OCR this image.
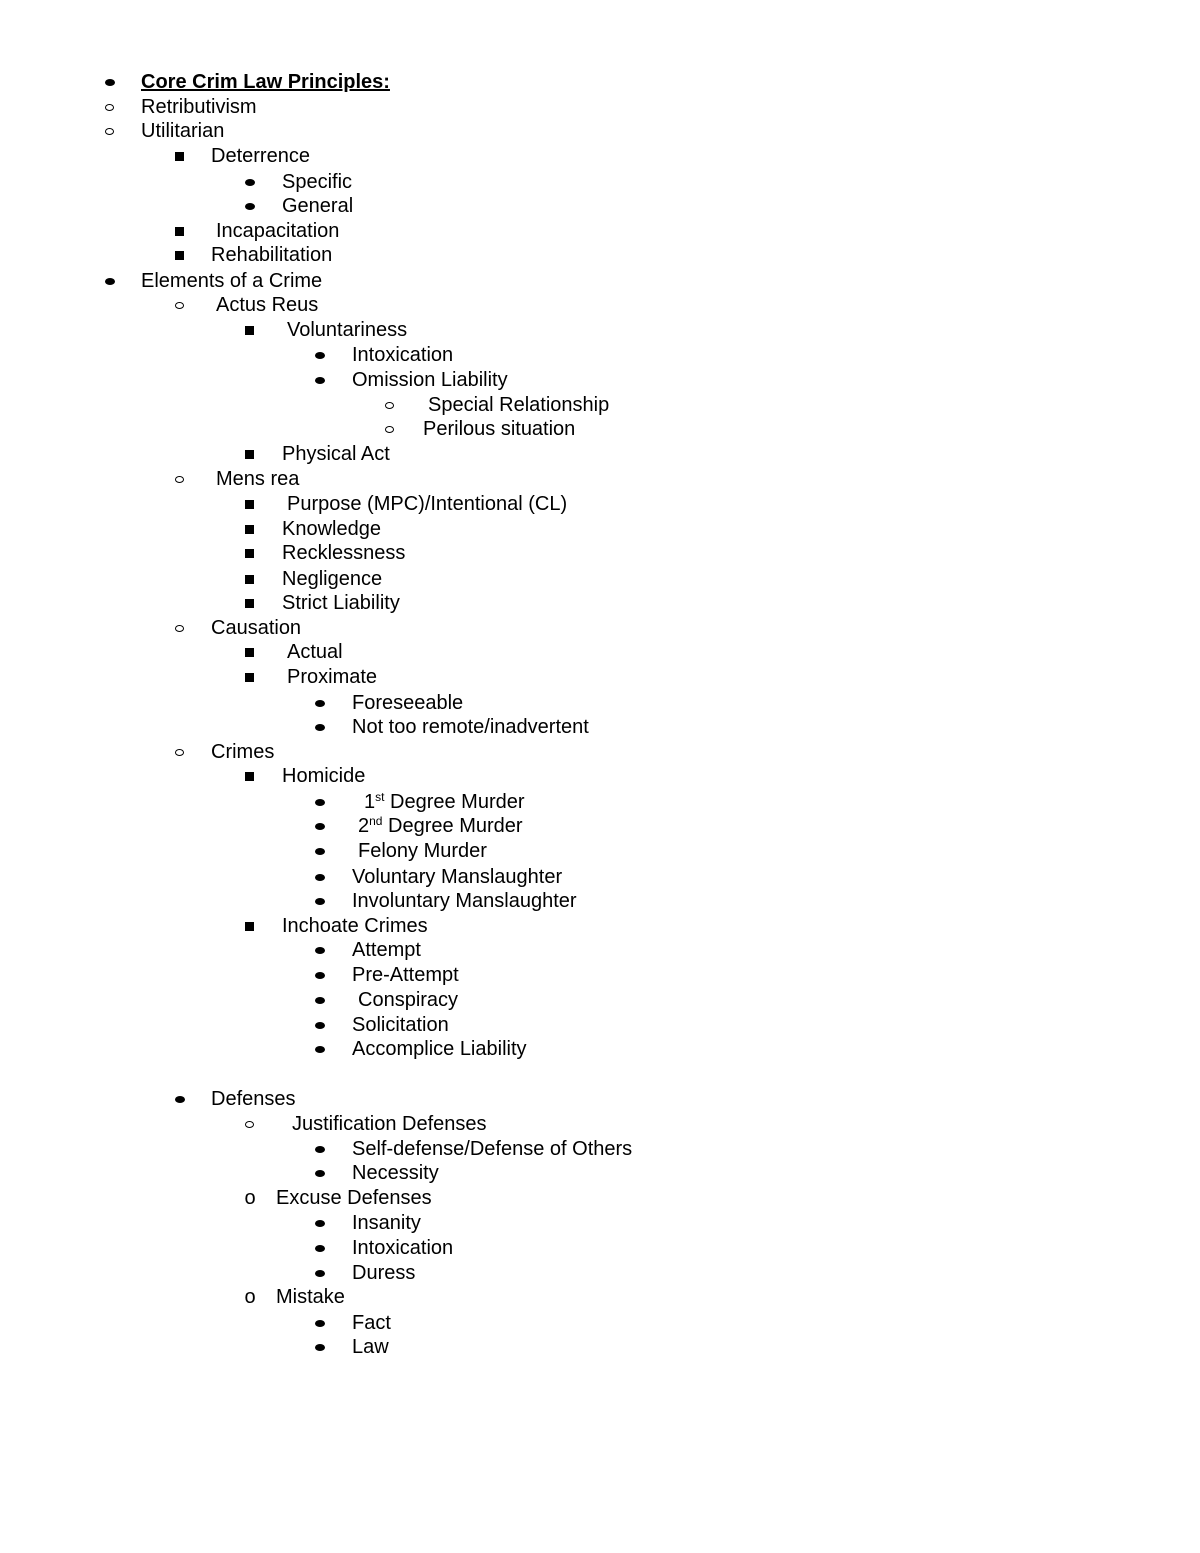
Core Crim Law Principles:
Retributivism
Utilitarian
Deterrence
Specific
General
Incapacitation
Rehabilitation
Elements of a Crime
Actus Reus
Voluntariness
Intoxication
Omission Liability
Special Relationship
Perilous situation
Physical Act
Mens rea
Purpose (MPC)/Intentional (CL)
Knowledge
Recklessness
Negligence
Strict Liability
Causation
Actual
Proximate
Foreseeable
Not too remote/inadvertent
Crimes
Homicide
1st Degree Murder
2nd Degree Murder
Felony Murder
Voluntary Manslaughter
Involuntary Manslaughter
Inchoate Crimes
Attempt
Pre-Attempt
Conspiracy
Solicitation
Accomplice Liability
Defenses
Justification Defenses
Self-defense/Defense of Others
Necessity
o Excuse Defenses
Insanity
Intoxication
Duress
o Mistake
Fact
Law
